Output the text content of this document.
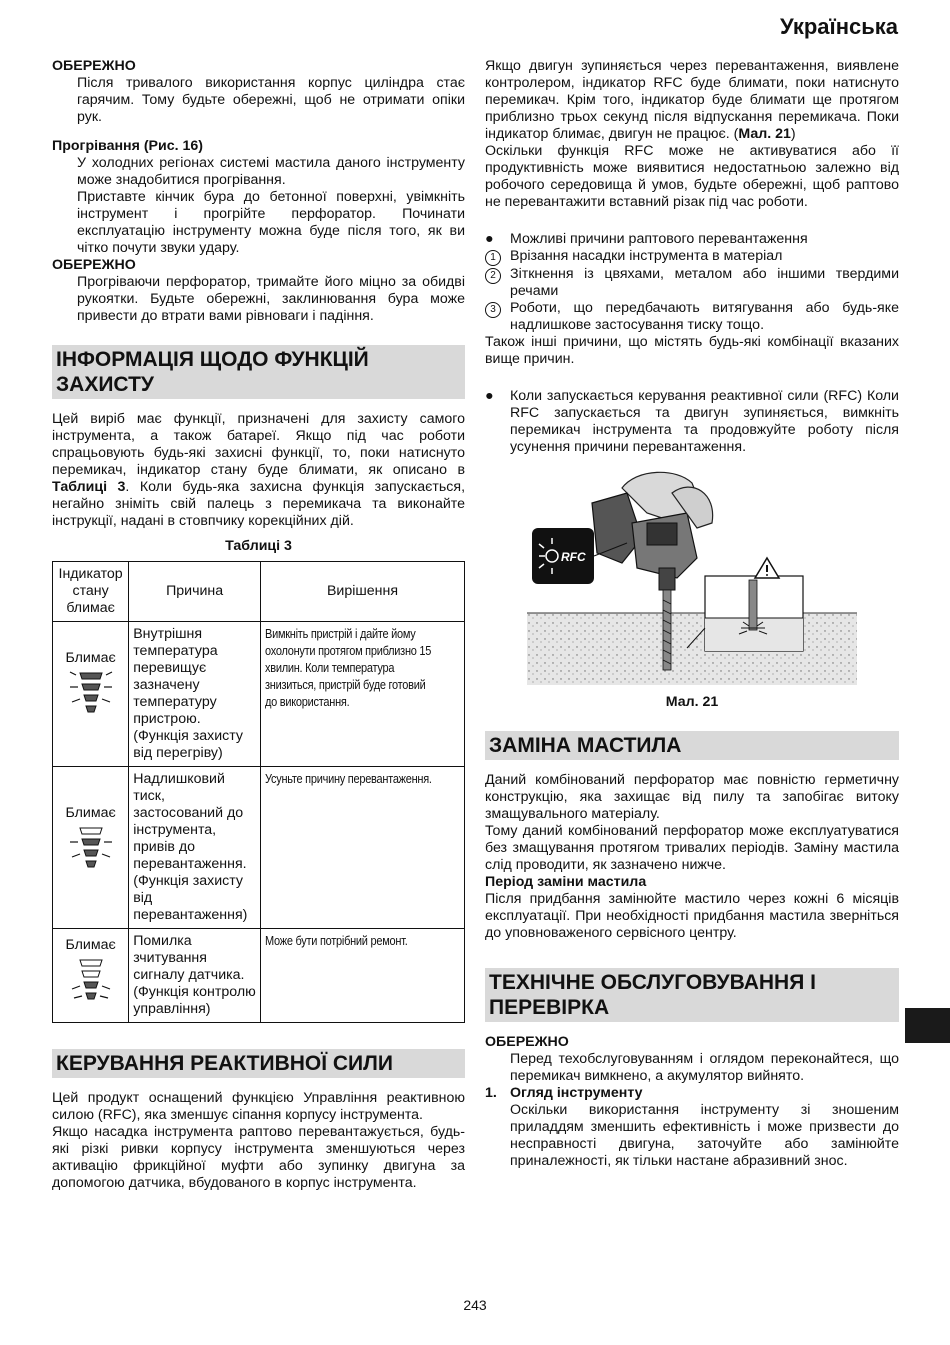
Українська

ОБЕРЕЖНО

Після тривалого використання корпус циліндра стає гарячим. Тому будьте обережні, щоб не отримати опіки рук.

Прогрівання (Рис. 16)

У холодних регіонах системі мастила даного інструменту може знадобитися прогрівання.

Приставте кінчик бура до бетонної поверхні, увімкніть інструмент і прогрійте перфоратор. Починати експлуатацію інструменту можна буде після того, як ви чітко почути звуки удару.

ОБЕРЕЖНО

Прогріваючи перфоратор, тримайте його міцно за обидві рукоятки. Будьте обережні, заклинювання бура може привести до втрати вами рівноваги і падіння.

ІНФОРМАЦІЯ ЩОДО ФУНКЦІЙ ЗАХИСТУ

Цей виріб має функції, призначені для захисту самого інструмента, а також батареї. Якщо під час роботи спрацьовують будь-які захисні функції, то, поки натиснуто перемикач, індикатор стану буде блимати, як описано в Таблиці 3. Коли будь-яка захисна функція запускається, негайно зніміть свій палець з перемикача та виконайте інструкції, надані в стовпчику корекційних дій.

Таблиці 3

Індикатор стану блимає	Причина	Вирішення

Блимає	Внутрішня температура перевищує зазначену температуру пристрою. (Функція захисту від перегріву)	Вимкніть пристрій і дайте йому охолонути протягом приблизно 15 хвилин. Коли температура знизиться, пристрій буде готовий до використання.

Блимає	Надлишковий тиск, застосований до інструмента, привів до перевантаження. (Функція захисту від перевантаження)	Усуньте причину перевантаження.

Блимає	Помилка зчитування сигналу датчика. (Функція контролю управління)	Може бути потрібний ремонт.
КЕРУВАННЯ РЕАКТИВНОЇ СИЛИ

Цей продукт оснащений функцією Управління реактивною силою (RFC), яка зменшує сіпання корпусу інструмента.

Якщо насадка інструмента раптово перевантажується, будь-які різкі ривки корпусу інструмента зменшуються через активацію фрикційної муфти або зупинку двигуна за допомогою датчика, вбудованого в корпус інструмента.

Якщо двигун зупиняється через перевантаження, виявлене контролером, індикатор RFC буде блимати, поки натиснуто перемикач. Крім того, індикатор буде блимати ще протягом приблизно трьох секунд після відпускання перемикача. Поки індикатор блимає, двигун не працює. (Мал. 21)

Оскільки функція RFC може не активуватися або її продуктивність може виявитися недостатньою залежно від робочого середовища й умов, будьте обережні, щоб раптово не перевантажити вставний різак під час роботи.

●	Можливі причини раптового перевантаження
1	Врізання насадки інструмента в матеріал
2	Зіткнення із цвяхами, металом або іншими твердими речами
3	Роботи, що передбачають витягування або будь-яке надлишкове застосування тиску тощо.

Також інші причини, що містять будь-які комбінації вказаних вище причин.

●	Коли запускається керування реактивної сили (RFC) Коли RFC запускається та двигун зупиняється, вимкніть перемикач інструмента та продовжуйте роботу після усунення причини перевантаження.
RFC

Мал. 21

ЗАМІНА МАСТИЛА

Даний комбінований перфоратор має повністю герметичну конструкцію, яка захищає від пилу та запобігає витоку змащувального матеріалу.

Тому даний комбінований перфоратор може експлуатуватися без змащування протягом тривалих періодів. Заміну мастила слід проводити, як зазначено нижче.

Період заміни мастила

Після придбання замінюйте мастило через кожні 6 місяців експлуатації. При необхідності придбання мастила зверніться до уповноваженого сервісного центру.

ТЕХНІЧНЕ ОБСЛУГОВУВАННЯ І ПЕРЕВІРКА

ОБЕРЕЖНО

Перед техобслуговуванням і оглядом переконайтеся, що перемикач вимкнено, а акумулятор вийнято.

1. Огляд інструменту

Оскільки використання інструменту зі зношеним приладдям зменшить ефективність і може призвести до несправності двигуна, заточуйте або замінюйте приналежності, як тільки настане абразивний знос.

243
